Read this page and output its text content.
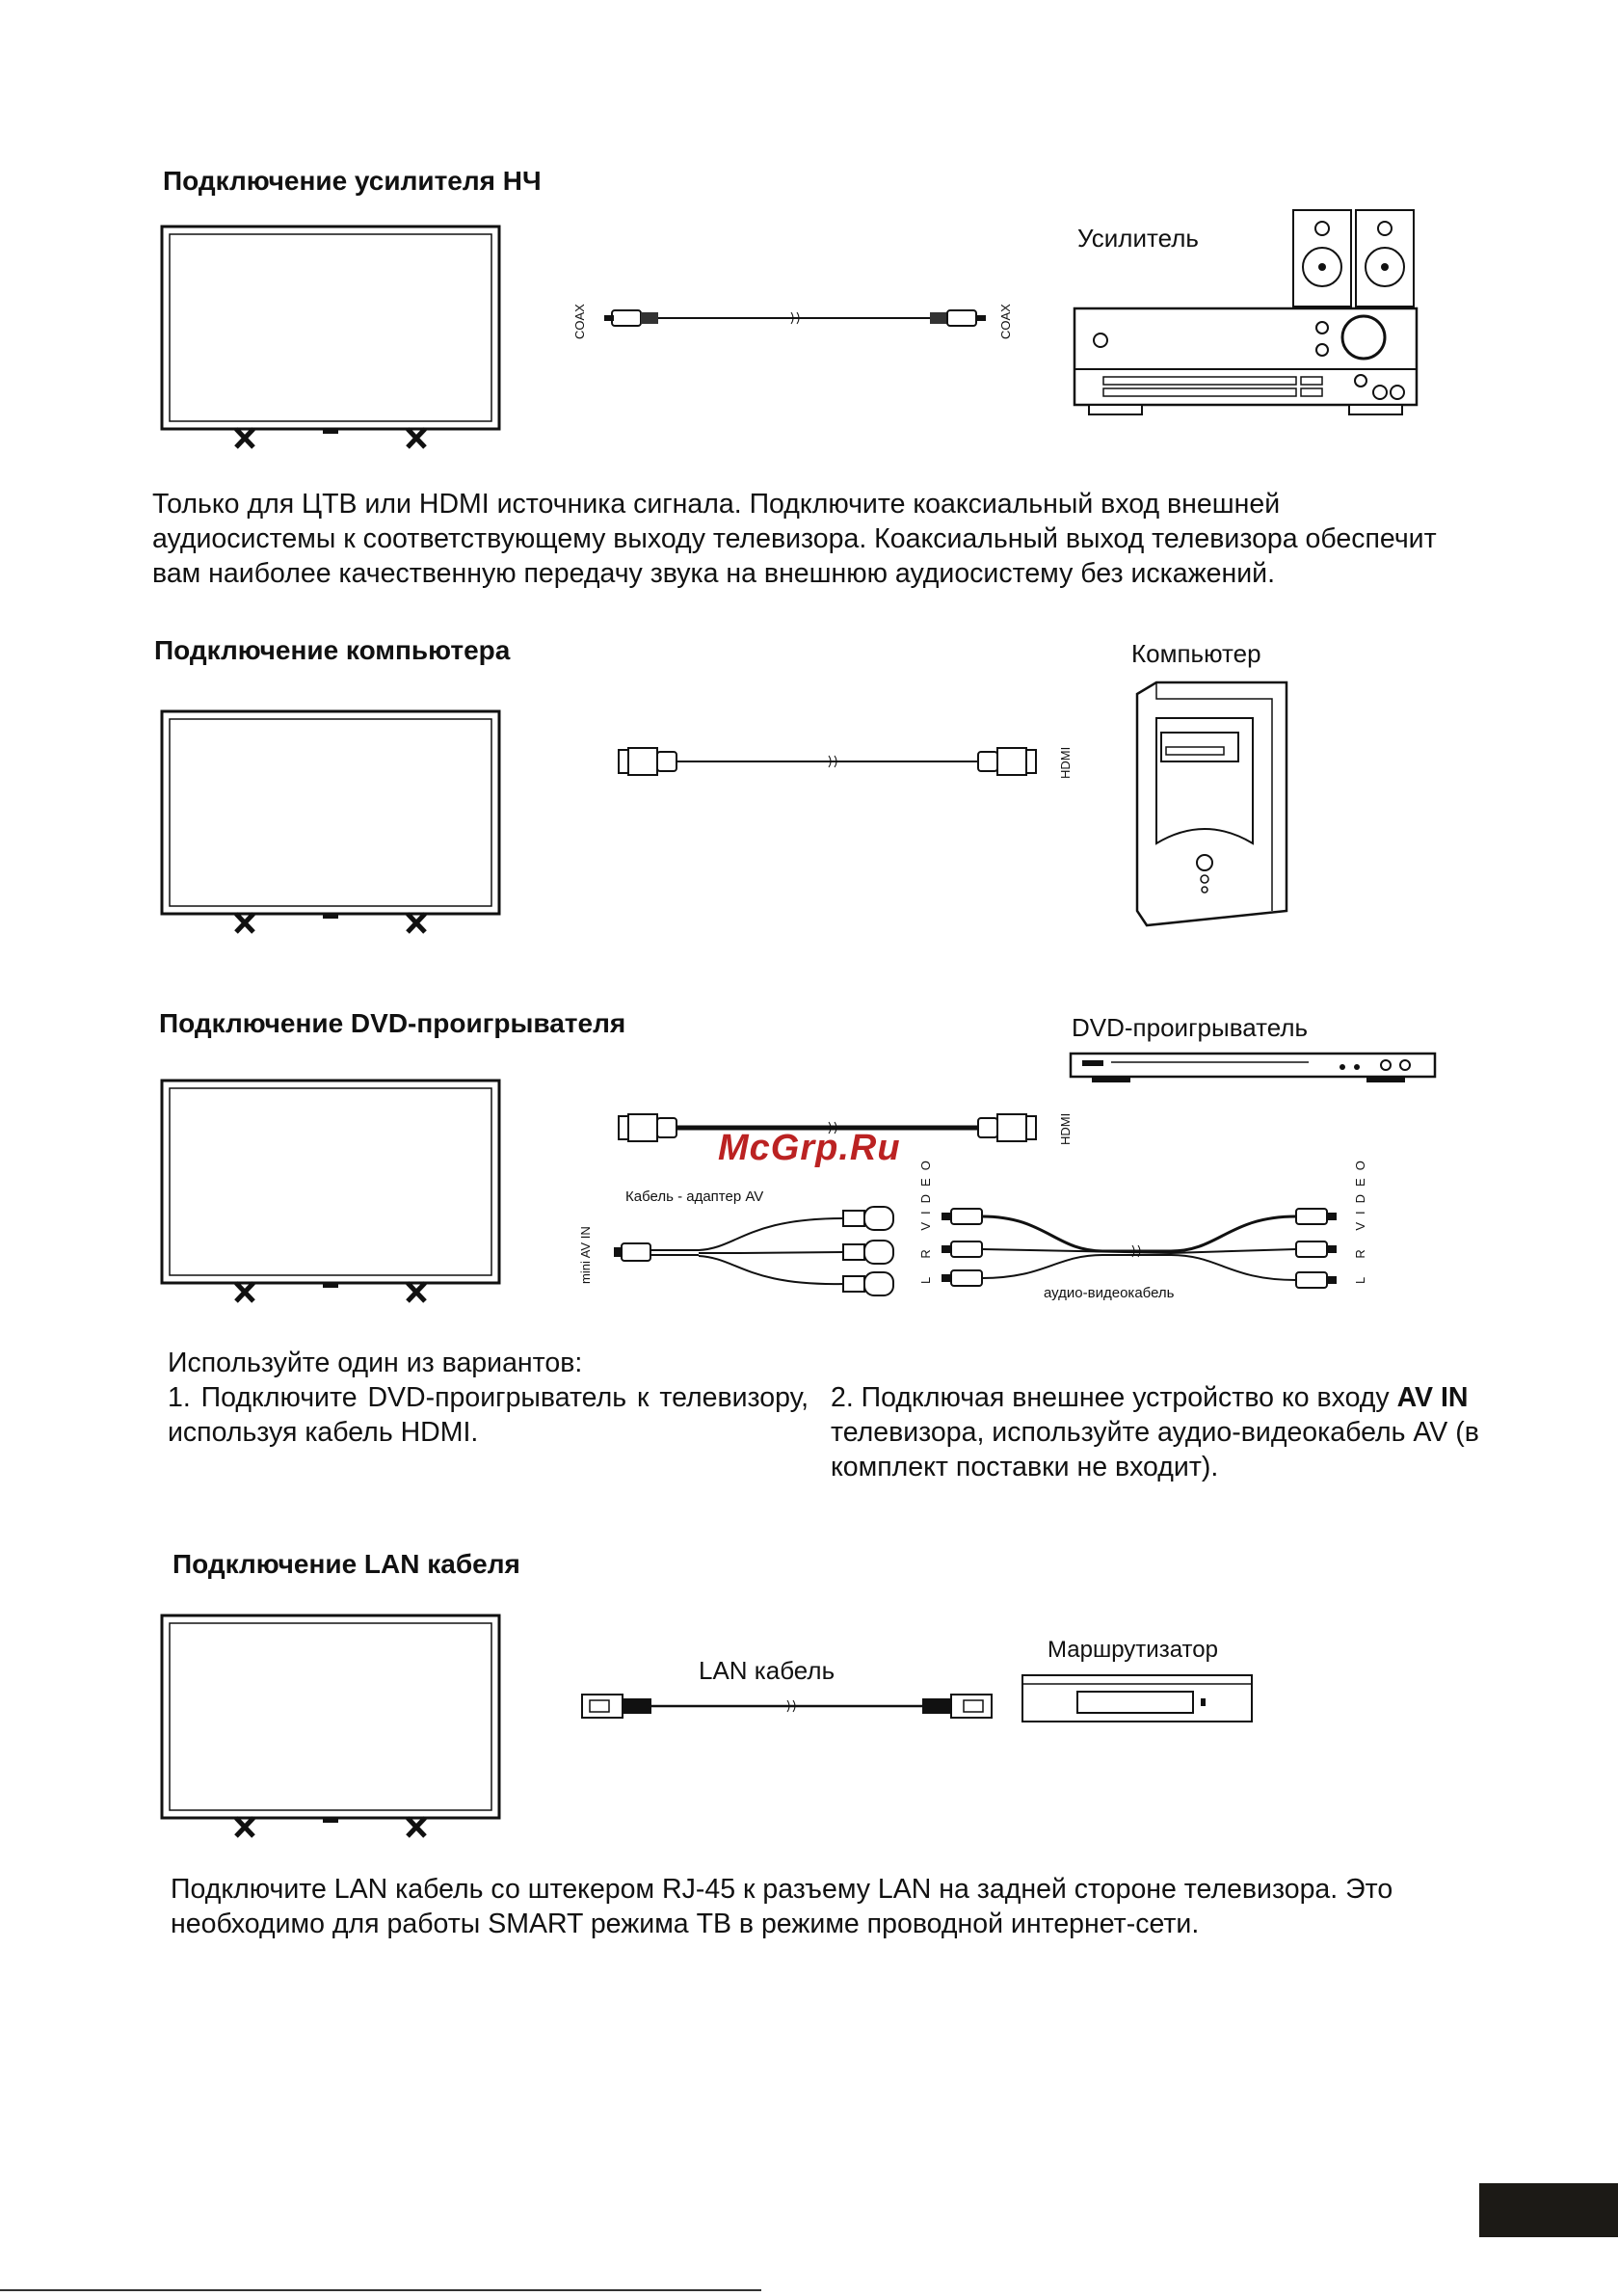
Подключение усилителя НЧ
COAX	COAX
Усилитель

Только для ЦТВ или HDMI источника сигнала. Подключите коаксиальный вход внешней аудиосистемы к соответствующему выходу телевизора. Коаксиальный выход телевизора обеспечит вам наиболее качественную передачу звука на внешнюю аудиосистему без искажений.

Подключение компьютера
HDMI
Компьютер
Подключение DVD-проигрывателя	DVD-проигрыватель
HDMI
McGrp.Ru
Кабель - адаптер AV
mini AV IN	L R VIDEO	L R VIDEO
аудио-видеокабель

Используйте один из вариантов:

1. Подключите DVD-проигрыватель к телевизору, используя кабель HDMI.

2. Подключая внешнее устройство ко входу AV IN телевизора, используйте аудио-видеокабель AV (в комплект поставки не входит).

Подключение LAN кабеля
LAN кабель
Маршрутизатор

Подключите LAN кабель со штекером RJ-45 к разъему LAN на задней стороне телевизора. Это необходимо для работы SMART режима ТВ в режиме проводной интернет-сети.
